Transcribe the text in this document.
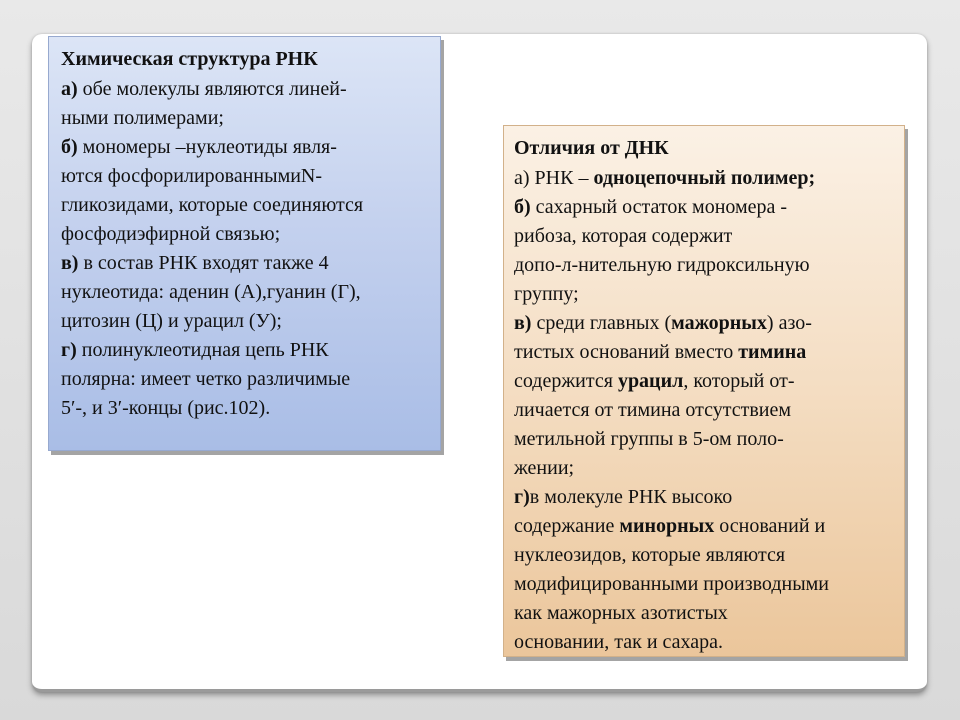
Химическая структура РНК
а) обе молекулы являются линей-
ными полимерами;
б) мономеры –нуклеотиды явля-
ются фосфорилированнымиN-
гликозидами, которые соединяются
фосфодиэфирной связью;
в) в состав РНК входят также 4
нуклеотида: аденин (А),гуанин (Г),
цитозин (Ц) и урацил (У);
г) полинуклеотидная цепь РНК
полярна: имеет четко различимые
5′-, и 3′-концы (рис.102).
Отличия от ДНК
а) РНК – одноцепочный полимер;
б) сахарный остаток мономера -
рибоза, которая содержит
допо-л-нительную гидроксильную
группу;
в) среди главных (мажорных) азо-
тистых оснований вместо тимина
содержится урацил, который от-
личается от тимина отсутствием
метильной группы в 5-ом поло-
жении;
г)в молекуле РНК высоко
содержание минорных оснований и
нуклеозидов, которые являются
модифицированными производными
как мажорных азотистых
основании, так и сахара.
